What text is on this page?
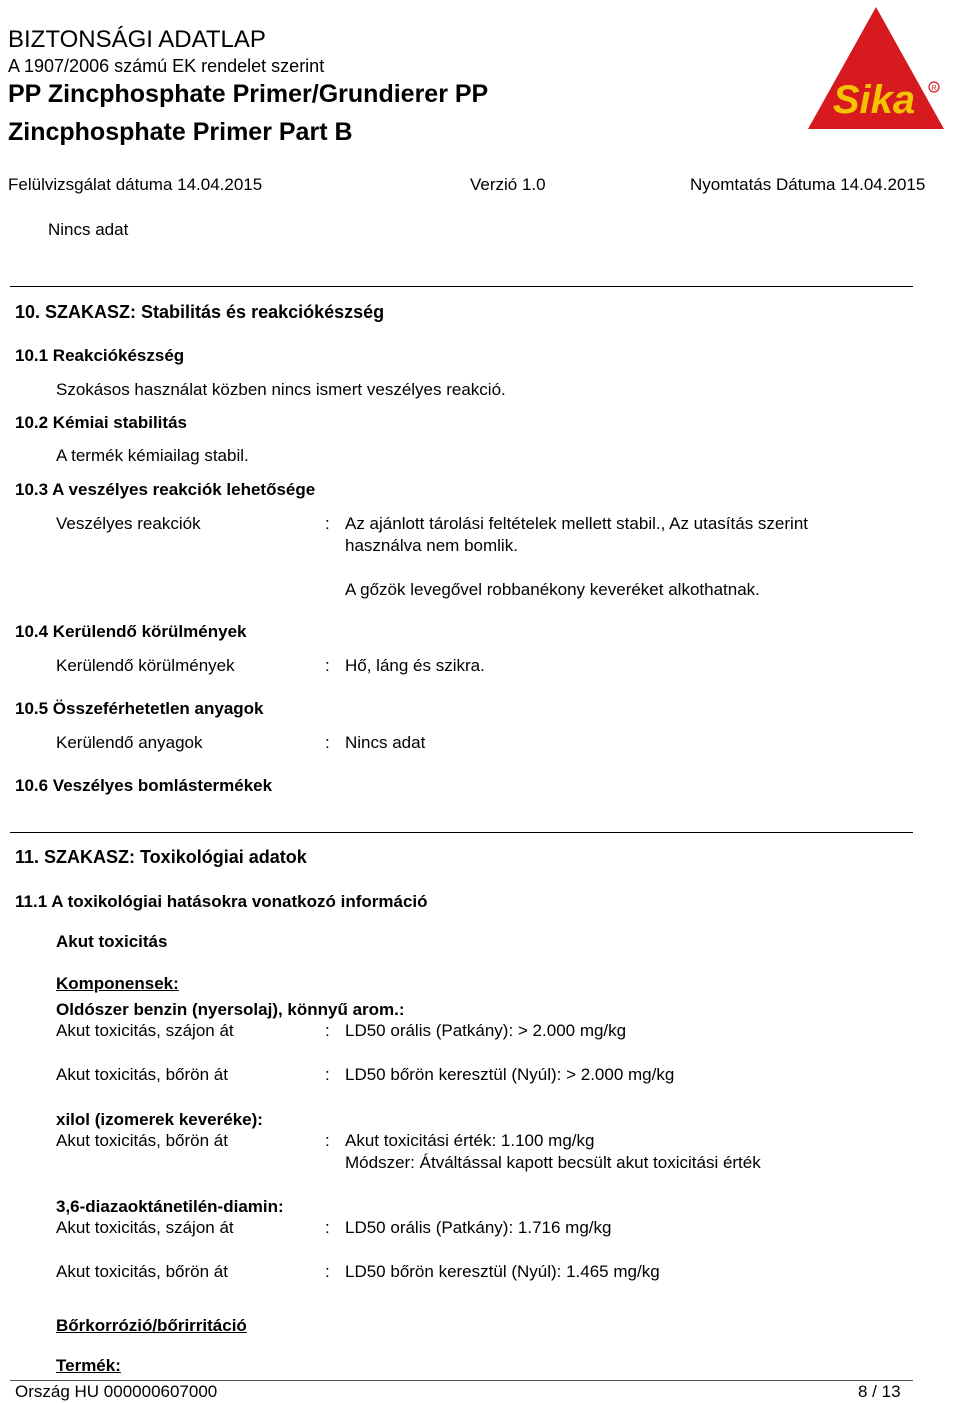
BIZTONSÁGI ADATLAP
A 1907/2006 számú EK rendelet szerint
PP Zincphosphate Primer/Grundierer PP
Zincphosphate Primer Part B
Sika R
Felülvizsgálat dátuma 14.04.2015	Verzió 1.0	Nyomtatás Dátuma 14.04.2015
Nincs adat
10. SZAKASZ: Stabilitás és reakciókészség
10.1 Reakciókészség
Szokásos használat közben nincs ismert veszélyes reakció.
10.2 Kémiai stabilitás
A termék kémiailag stabil.
10.3 A veszélyes reakciók lehetősége
Veszélyes reakciók	: Az ajánlott tárolási feltételek mellett stabil., Az utasítás szerint
használva nem bomlik.
A gőzök levegővel robbanékony keveréket alkothatnak.
10.4 Kerülendő körülmények
Kerülendő körülmények	: Hő, láng és szikra.
10.5 Összeférhetetlen anyagok
Kerülendő anyagok	: Nincs adat
10.6 Veszélyes bomlástermékek
11. SZAKASZ: Toxikológiai adatok
11.1 A toxikológiai hatásokra vonatkozó információ
Akut toxicitás
Komponensek:
Oldószer benzin (nyersolaj), könnyű arom.:
Akut toxicitás, szájon át	: LD50 orális (Patkány): > 2.000 mg/kg
Akut toxicitás, bőrön át	: LD50 bőrön keresztül (Nyúl): > 2.000 mg/kg
xilol (izomerek keveréke):
Akut toxicitás, bőrön át	: Akut toxicitási érték: 1.100 mg/kg
Módszer: Átváltással kapott becsült akut toxicitási érték
3,6-diazaoktánetilén-diamin:
Akut toxicitás, szájon át	: LD50 orális (Patkány): 1.716 mg/kg
Akut toxicitás, bőrön át	: LD50 bőrön keresztül (Nyúl): 1.465 mg/kg
Bőrkorrózió/bőrirritáció
Termék:
Ország HU 000000607000	8 / 13
